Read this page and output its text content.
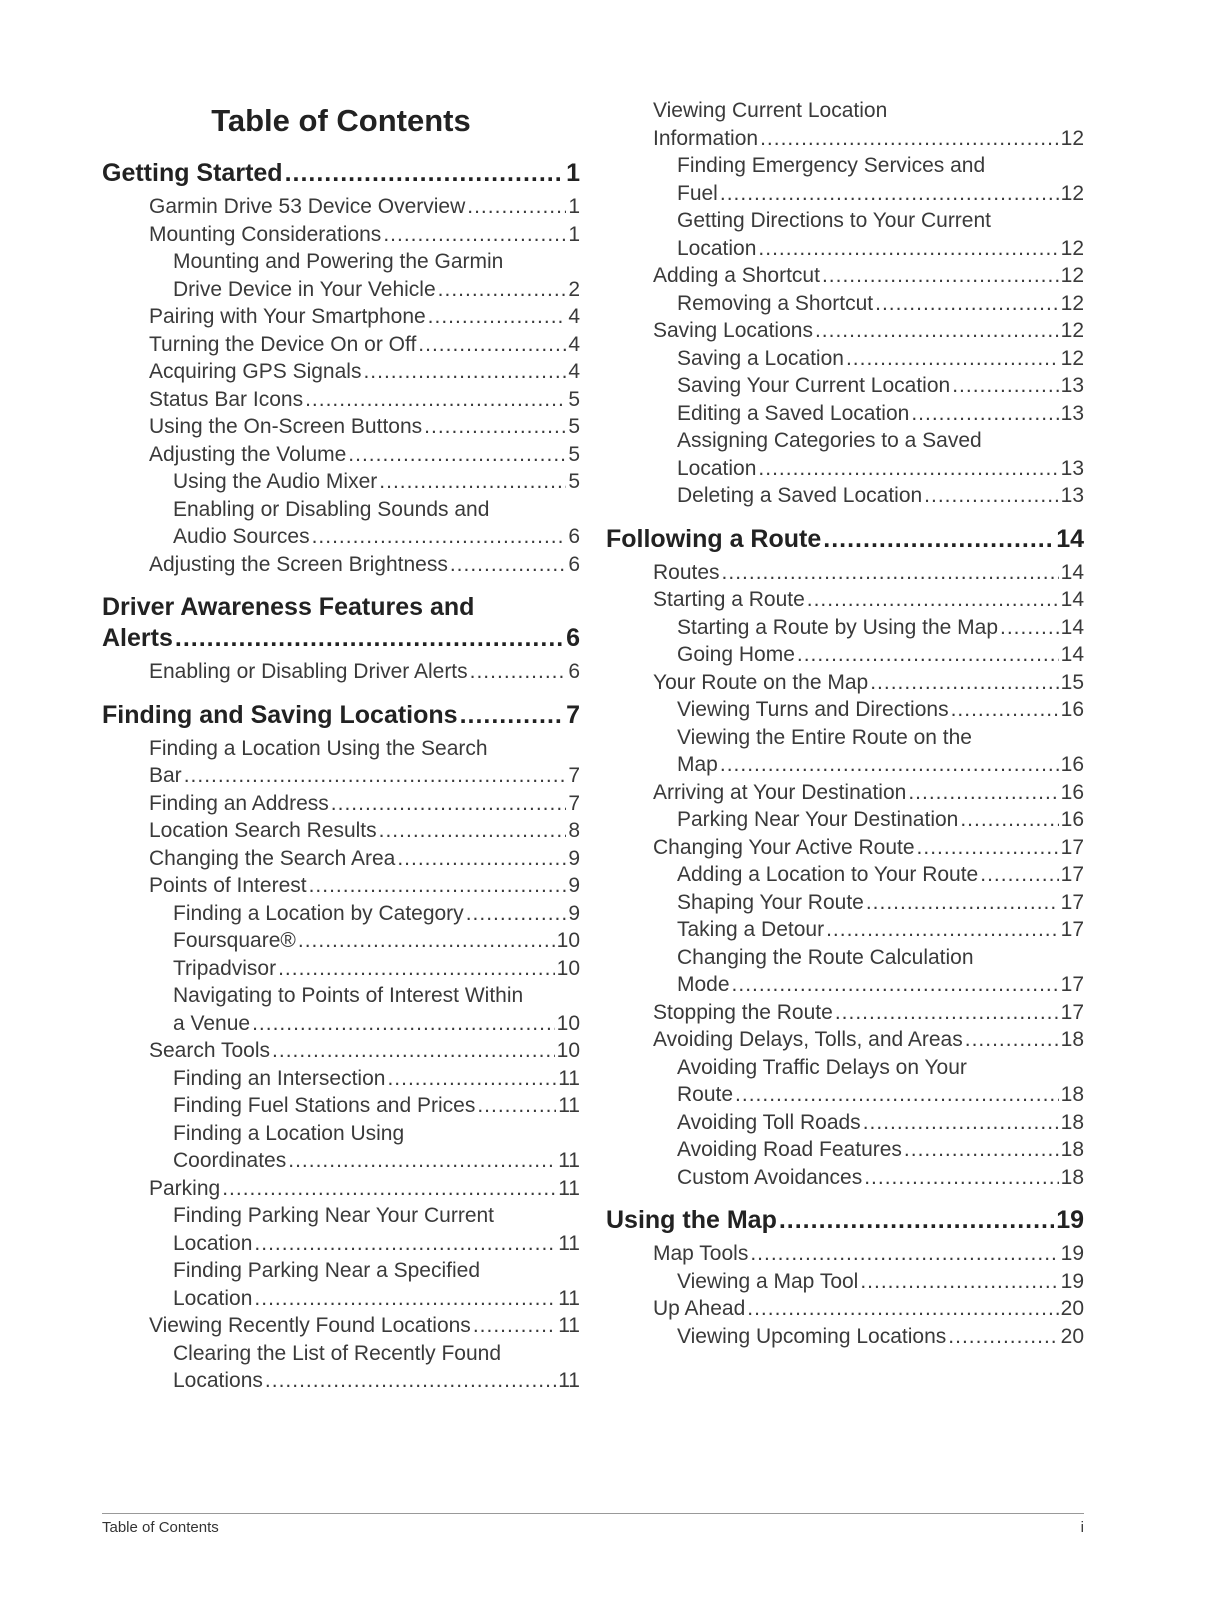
Table of Contents
Getting Started .....	1
Garmin Drive 53 Device Overview .....	1
Mounting Considerations .....	1
Mounting and Powering the Garmin
Drive Device in Your Vehicle .....	2
Pairing with Your Smartphone .....	4
Turning the Device On or Off .....	4
Acquiring GPS Signals .....	4
Status Bar Icons .....	5
Using the On-Screen Buttons .....	5
Adjusting the Volume .....	5
Using the Audio Mixer .....	5
Enabling or Disabling Sounds and
Audio Sources .....	6
Adjusting the Screen Brightness .....	6
Driver Awareness Features and
Alerts .....	6
Enabling or Disabling Driver Alerts .....	6
Finding and Saving Locations .....	7
Finding a Location Using the Search
Bar .....	7
Finding an Address .....	7
Location Search Results .....	8
Changing the Search Area .....	9
Points of Interest .....	9
Finding a Location by Category .....	9
Foursquare® .....	10
Tripadvisor .....	10
Navigating to Points of Interest Within
a Venue .....	10
Search Tools .....	10
Finding an Intersection .....	11
Finding Fuel Stations and Prices .....	11
Finding a Location Using
Coordinates .....	11
Parking .....	11
Finding Parking Near Your Current
Location .....	11
Finding Parking Near a Specified
Location .....	11
Viewing Recently Found Locations .....	11
Clearing the List of Recently Found
Locations .....	11
Viewing Current Location
Information .....	12
Finding Emergency Services and
Fuel .....	12
Getting Directions to Your Current
Location .....	12
Adding a Shortcut .....	12
Removing a Shortcut .....	12
Saving Locations .....	12
Saving a Location .....	12
Saving Your Current Location .....	13
Editing a Saved Location .....	13
Assigning Categories to a Saved
Location .....	13
Deleting a Saved Location .....	13
Following a Route .....	14
Routes .....	14
Starting a Route .....	14
Starting a Route by Using the Map .....	14
Going Home .....	14
Your Route on the Map .....	15
Viewing Turns and Directions .....	16
Viewing the Entire Route on the
Map .....	16
Arriving at Your Destination .....	16
Parking Near Your Destination .....	16
Changing Your Active Route .....	17
Adding a Location to Your Route .....	17
Shaping Your Route .....	17
Taking a Detour .....	17
Changing the Route Calculation
Mode .....	17
Stopping the Route .....	17
Avoiding Delays, Tolls, and Areas .....	18
Avoiding Traffic Delays on Your
Route .....	18
Avoiding Toll Roads .....	18
Avoiding Road Features .....	18
Custom Avoidances .....	18
Using the Map .....	19
Map Tools .....	19
Viewing a Map Tool .....	19
Up Ahead .....	20
Viewing Upcoming Locations .....	20
Table of Contents	i
